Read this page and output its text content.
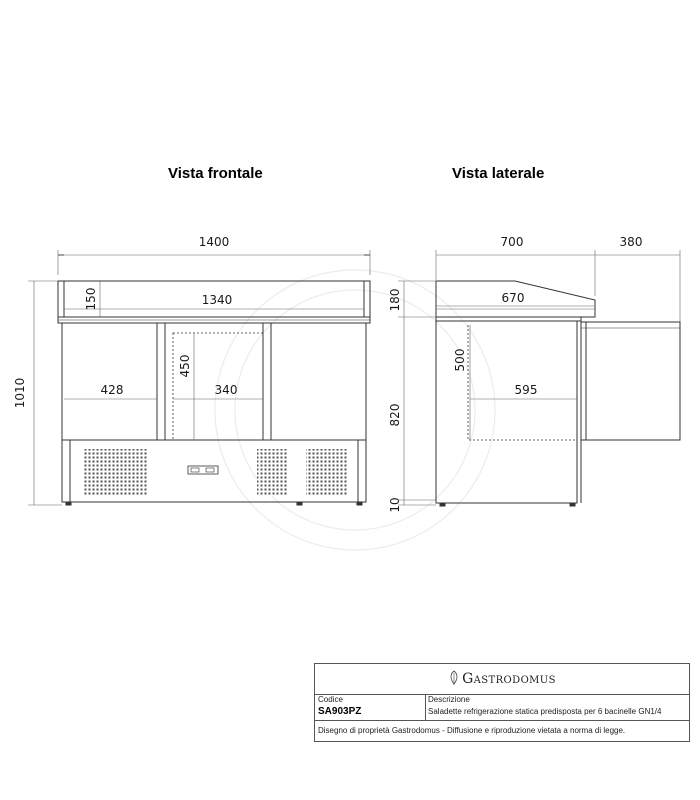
Vista frontale	Vista laterale
1400
150	1340
1010	428	340
450
700	380
670
180
500
595
820
10
Gastrodomus
Codice
SA903PZ
Descrizione
Saladette refrigerazione statica predisposta per 6 bacinelle GN1/4
Disegno di proprietà Gastrodomus - Diffusione e riproduzione vietata a norma di legge.
